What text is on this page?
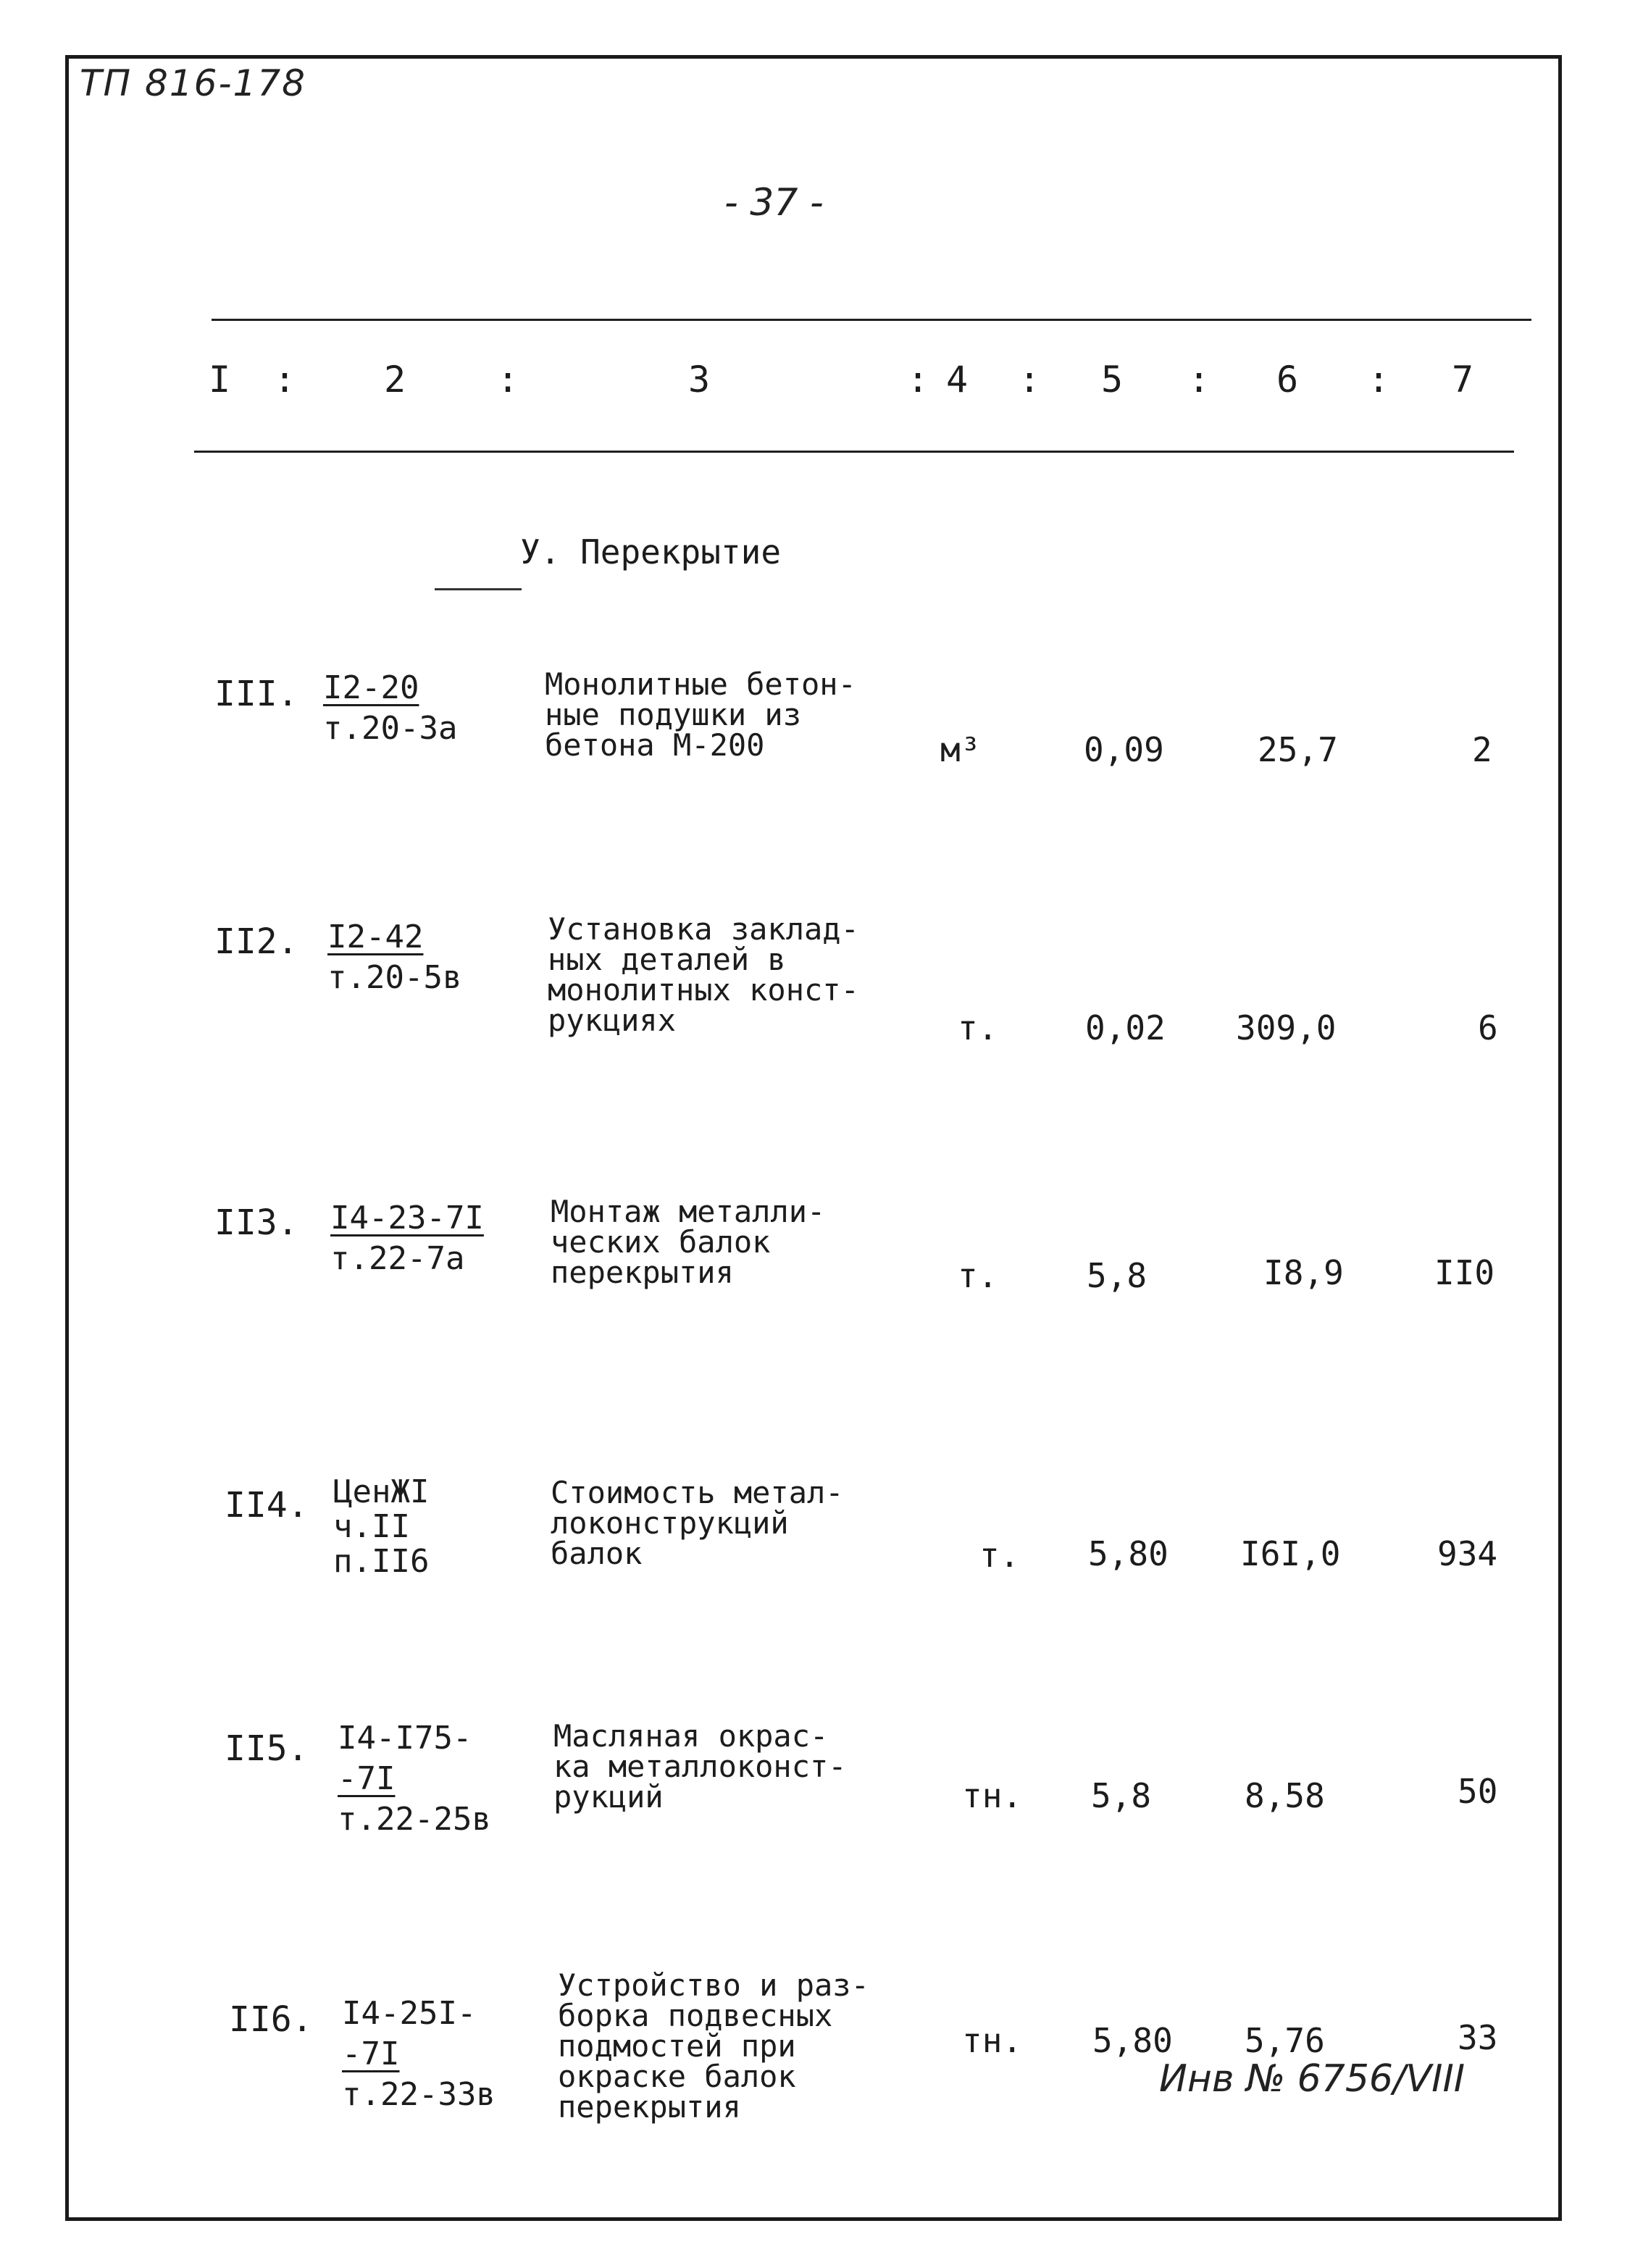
ТП 816-178
- 37 -
I : 2	:	3	: 4 : 5 : 6 : 7
У. Перекрытие
III. I2-20
т.20-3а
Монолитные бетон-
ные подушки из
бетона М-200	м³	0,09	25,7	2
II2. I2-42
т.20-5в
Установка заклад-
ных деталей в
монолитных конст-
рукциях	т.	0,02 309,0	6
II3. I4-23-7I
т.22-7а
Монтаж металли-
ческих балок
перекрытия	т.	5,8	I8,9	II0
II4. ЦенЖI
ч.II
п.II6
Стоимость метал-
локонструкций
балок	т. 5,80 I6I,0	934
II5. I4-I75-
-7I
т.22-25в
Масляная окрас-
ка металлоконст-
рукций	тн. 5,8	8,58	50
II6. I4-25I-
-7I
т.22-33в
Устройство и раз-
борка подвесных
подмостей при
окраске балок
перекрытия
тн. 5,80 5,76	33
Инв № 6756/VIII
